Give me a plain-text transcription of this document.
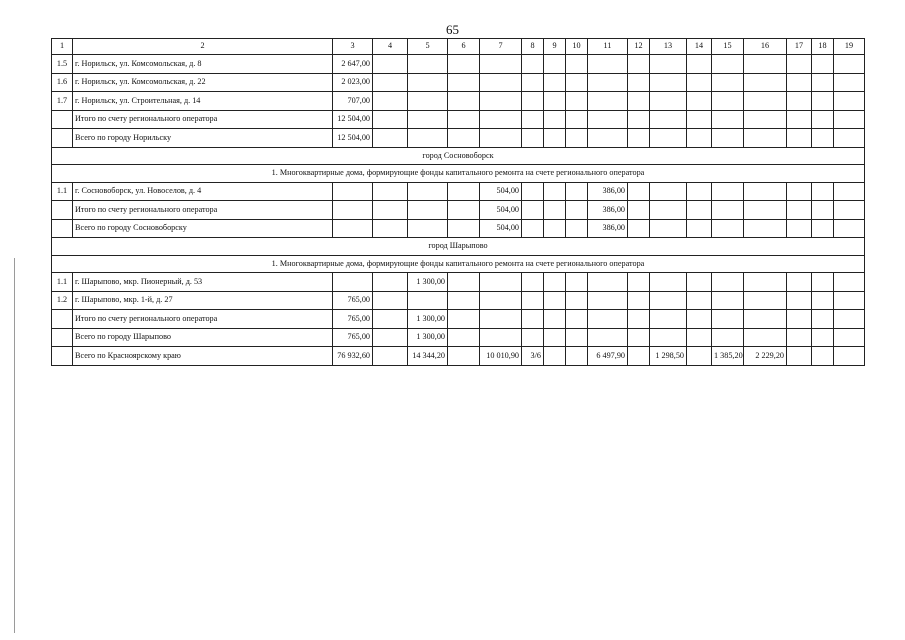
65
1	2	3	4	5	6	7	8	9	10	11	12	13	14	15	16	17	18	19
1.5	г. Норильск, ул. Комсомольская, д. 8	2 647,00																
1.6	г. Норильск, ул. Комсомольская, д. 22	2 023,00																
1.7	г. Норильск, ул. Строительная, д. 14	707,00																
	Итого по счету регионального оператора	12 504,00																
	Всего по городу Норильску	12 504,00																
город Сосновоборск																		
1. Многоквартирные дома, формирующие фонды капитального ремонта на счете регионального оператора																		
1.1	г. Сосновоборск, ул. Новоселов, д. 4					504,00				386,00								
	Итого по счету регионального оператора					504,00				386,00								
	Всего по городу Сосновоборску					504,00				386,00								
город Шарыпово																		
1. Многоквартирные дома, формирующие фонды капитального ремонта на счете регионального оператора																		
1.1	г. Шарыпово, мкр. Пионерный, д. 53			1 300,00														
1.2	г. Шарыпово, мкр. 1-й, д. 27	765,00																
	Итого по счету регионального оператора	765,00		1 300,00														
	Всего по городу Шарыпово	765,00		1 300,00														
	Всего по Красноярскому краю	76 932,60		14 344,20		10 010,90	3/6			6 497,90		1 298,50		1 385,20	2 229,20			
